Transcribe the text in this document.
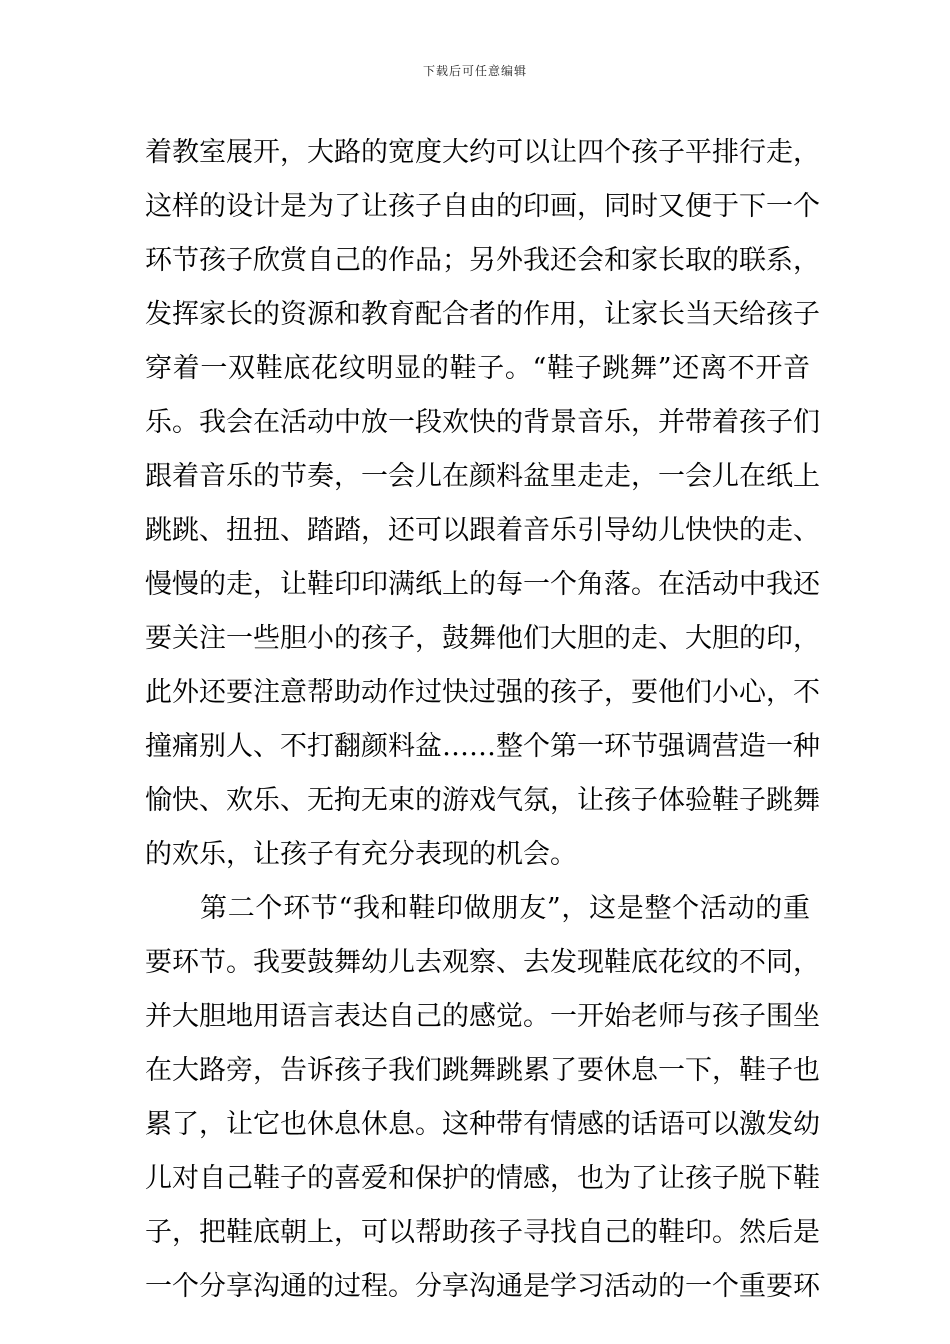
下载后可任意编辑
着教室展开，大路的宽度大约可以让四个孩子平排行走，
这样的设计是为了让孩子自由的印画，同时又便于下一个
环节孩子欣赏自己的作品；另外我还会和家长取的联系，
发挥家长的资源和教育配合者的作用，让家长当天给孩子
穿着一双鞋底花纹明显的鞋子。“鞋子跳舞”还离不开音
乐。我会在活动中放一段欢快的背景音乐，并带着孩子们
跟着音乐的节奏，一会儿在颜料盆里走走，一会儿在纸上
跳跳、扭扭、踏踏，还可以跟着音乐引导幼儿快快的走、
慢慢的走，让鞋印印满纸上的每一个角落。在活动中我还
要关注一些胆小的孩子，鼓舞他们大胆的走、大胆的印，
此外还要注意帮助动作过快过强的孩子，要他们小心，不
撞痛别人、不打翻颜料盆……整个第一环节强调营造一种
愉快、欢乐、无拘无束的游戏气氛，让孩子体验鞋子跳舞
的欢乐，让孩子有充分表现的机会。
第二个环节“我和鞋印做朋友”，这是整个活动的重
要环节。我要鼓舞幼儿去观察、去发现鞋底花纹的不同，
并大胆地用语言表达自己的感觉。一开始老师与孩子围坐
在大路旁，告诉孩子我们跳舞跳累了要休息一下，鞋子也
累了，让它也休息休息。这种带有情感的话语可以激发幼
儿对自己鞋子的喜爱和保护的情感，也为了让孩子脱下鞋
子，把鞋底朝上，可以帮助孩子寻找自己的鞋印。然后是
一个分享沟通的过程。分享沟通是学习活动的一个重要环
